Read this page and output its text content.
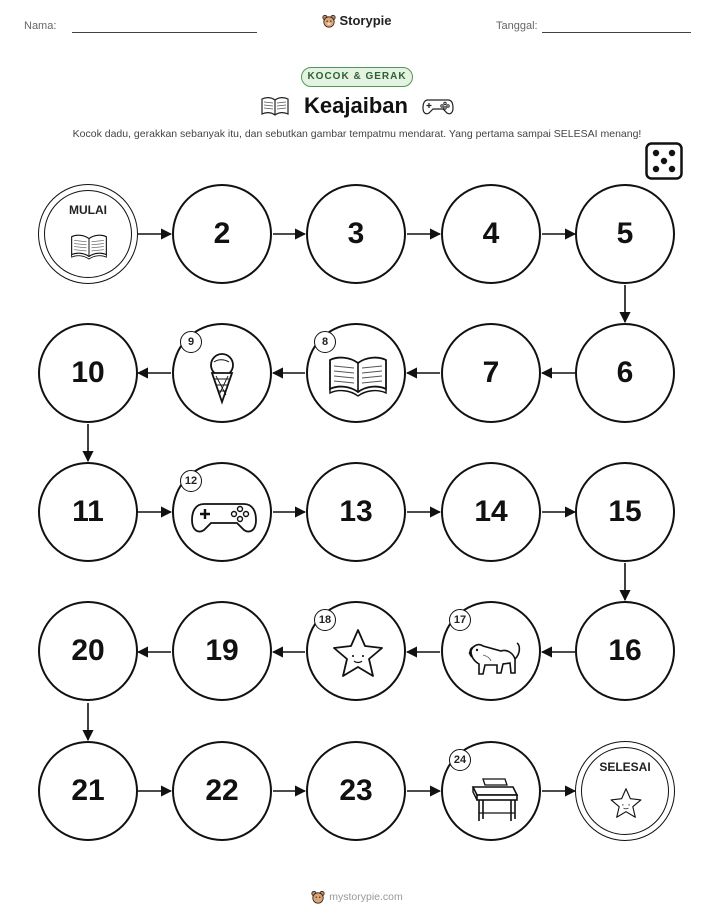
Nama:	Storypie	Tanggal:
KOCOK & GERAK
Keajaiban
Kocok dadu, gerakkan sebanyak itu, dan sebutkan gambar tempatmu mendarat. Yang pertama sampai SELESAI menang!
MULAI
2	3	4	5
6
7
8
9
10
11
12
13	14	15
16
17
18
19
20
21	22	23
24	SELESAI
mystorypie.com
